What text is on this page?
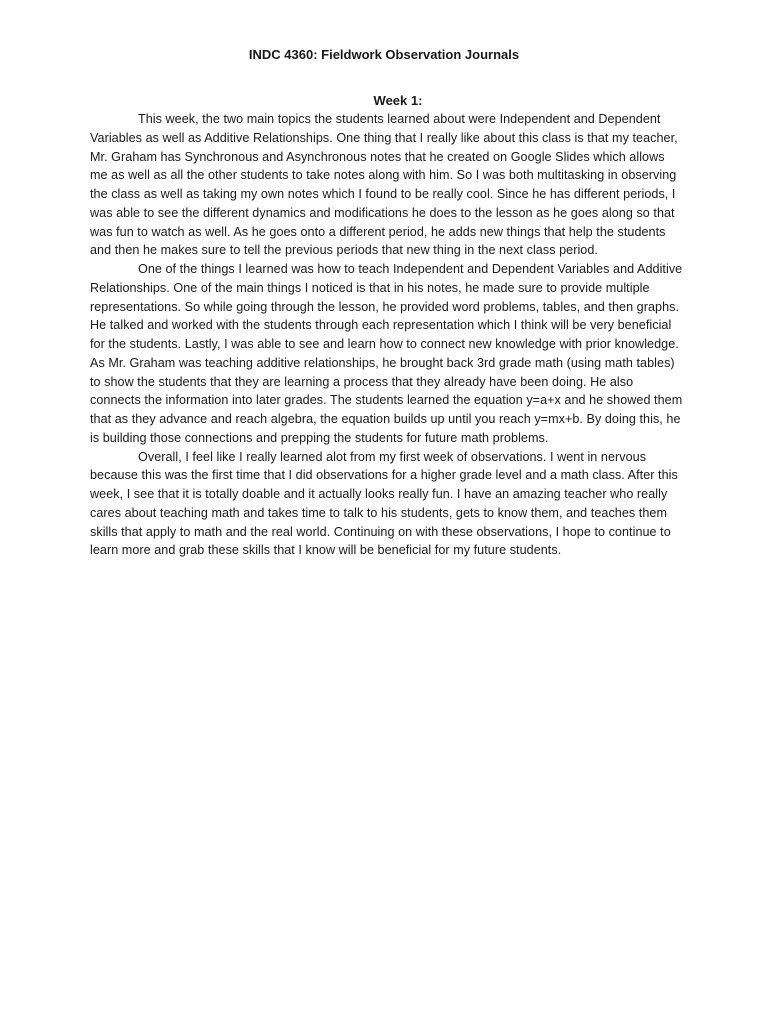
INDC 4360: Fieldwork Observation Journals
Week 1:

This week, the two main topics the students learned about were Independent and Dependent Variables as well as Additive Relationships. One thing that I really like about this class is that my teacher, Mr. Graham has Synchronous and Asynchronous notes that he created on Google Slides which allows me as well as all the other students to take notes along with him. So I was both multitasking in observing the class as well as taking my own notes which I found to be really cool. Since he has different periods, I was able to see the different dynamics and modifications he does to the lesson as he goes along so that was fun to watch as well. As he goes onto a different period, he adds new things that help the students and then he makes sure to tell the previous periods that new thing in the next class period.

One of the things I learned was how to teach Independent and Dependent Variables and Additive Relationships. One of the main things I noticed is that in his notes, he made sure to provide multiple representations. So while going through the lesson, he provided word problems, tables, and then graphs. He talked and worked with the students through each representation which I think will be very beneficial for the students. Lastly, I was able to see and learn how to connect new knowledge with prior knowledge. As Mr. Graham was teaching additive relationships, he brought back 3rd grade math (using math tables) to show the students that they are learning a process that they already have been doing. He also connects the information into later grades. The students learned the equation y=a+x and he showed them that as they advance and reach algebra, the equation builds up until you reach y=mx+b. By doing this, he is building those connections and prepping the students for future math problems.

Overall, I feel like I really learned alot from my first week of observations. I went in nervous because this was the first time that I did observations for a higher grade level and a math class. After this week, I see that it is totally doable and it actually looks really fun. I have an amazing teacher who really cares about teaching math and takes time to talk to his students, gets to know them, and teaches them skills that apply to math and the real world. Continuing on with these observations, I hope to continue to learn more and grab these skills that I know will be beneficial for my future students.
